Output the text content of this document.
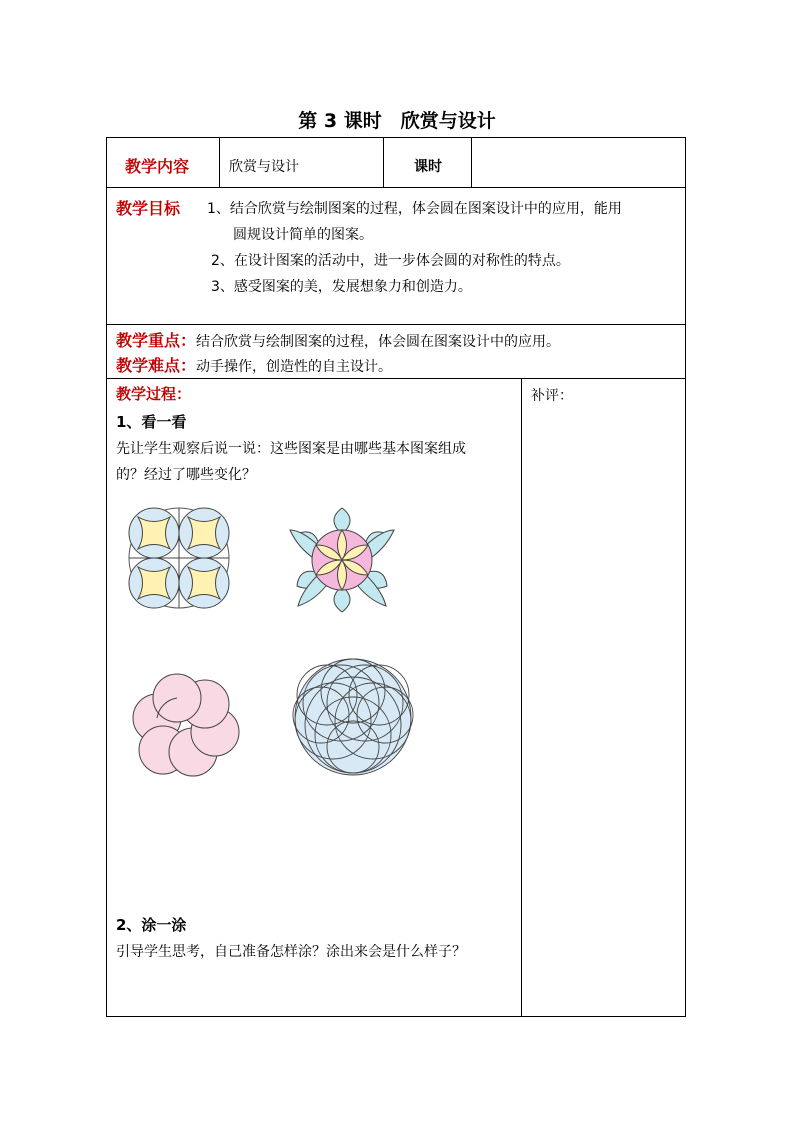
第 3 课时　欣赏与设计
教学内容	欣赏与设计	课时
教学目标 1、结合欣赏与绘制图案的过程，体会圆在图案设计中的应用，能用
圆规设计简单的图案。
2、在设计图案的活动中，进一步体会圆的对称性的特点。
3、感受图案的美，发展想象力和创造力。
教学重点：结合欣赏与绘制图案的过程，体会圆在图案设计中的应用。
教学难点：动手操作，创造性的自主设计。
教学过程：
1、看一看
先让学生观察后说一说：这些图案是由哪些基本图案组成
的？经过了哪些变化？
2、涂一涂
引导学生思考，自己准备怎样涂？涂出来会是什么样子？
补评：
